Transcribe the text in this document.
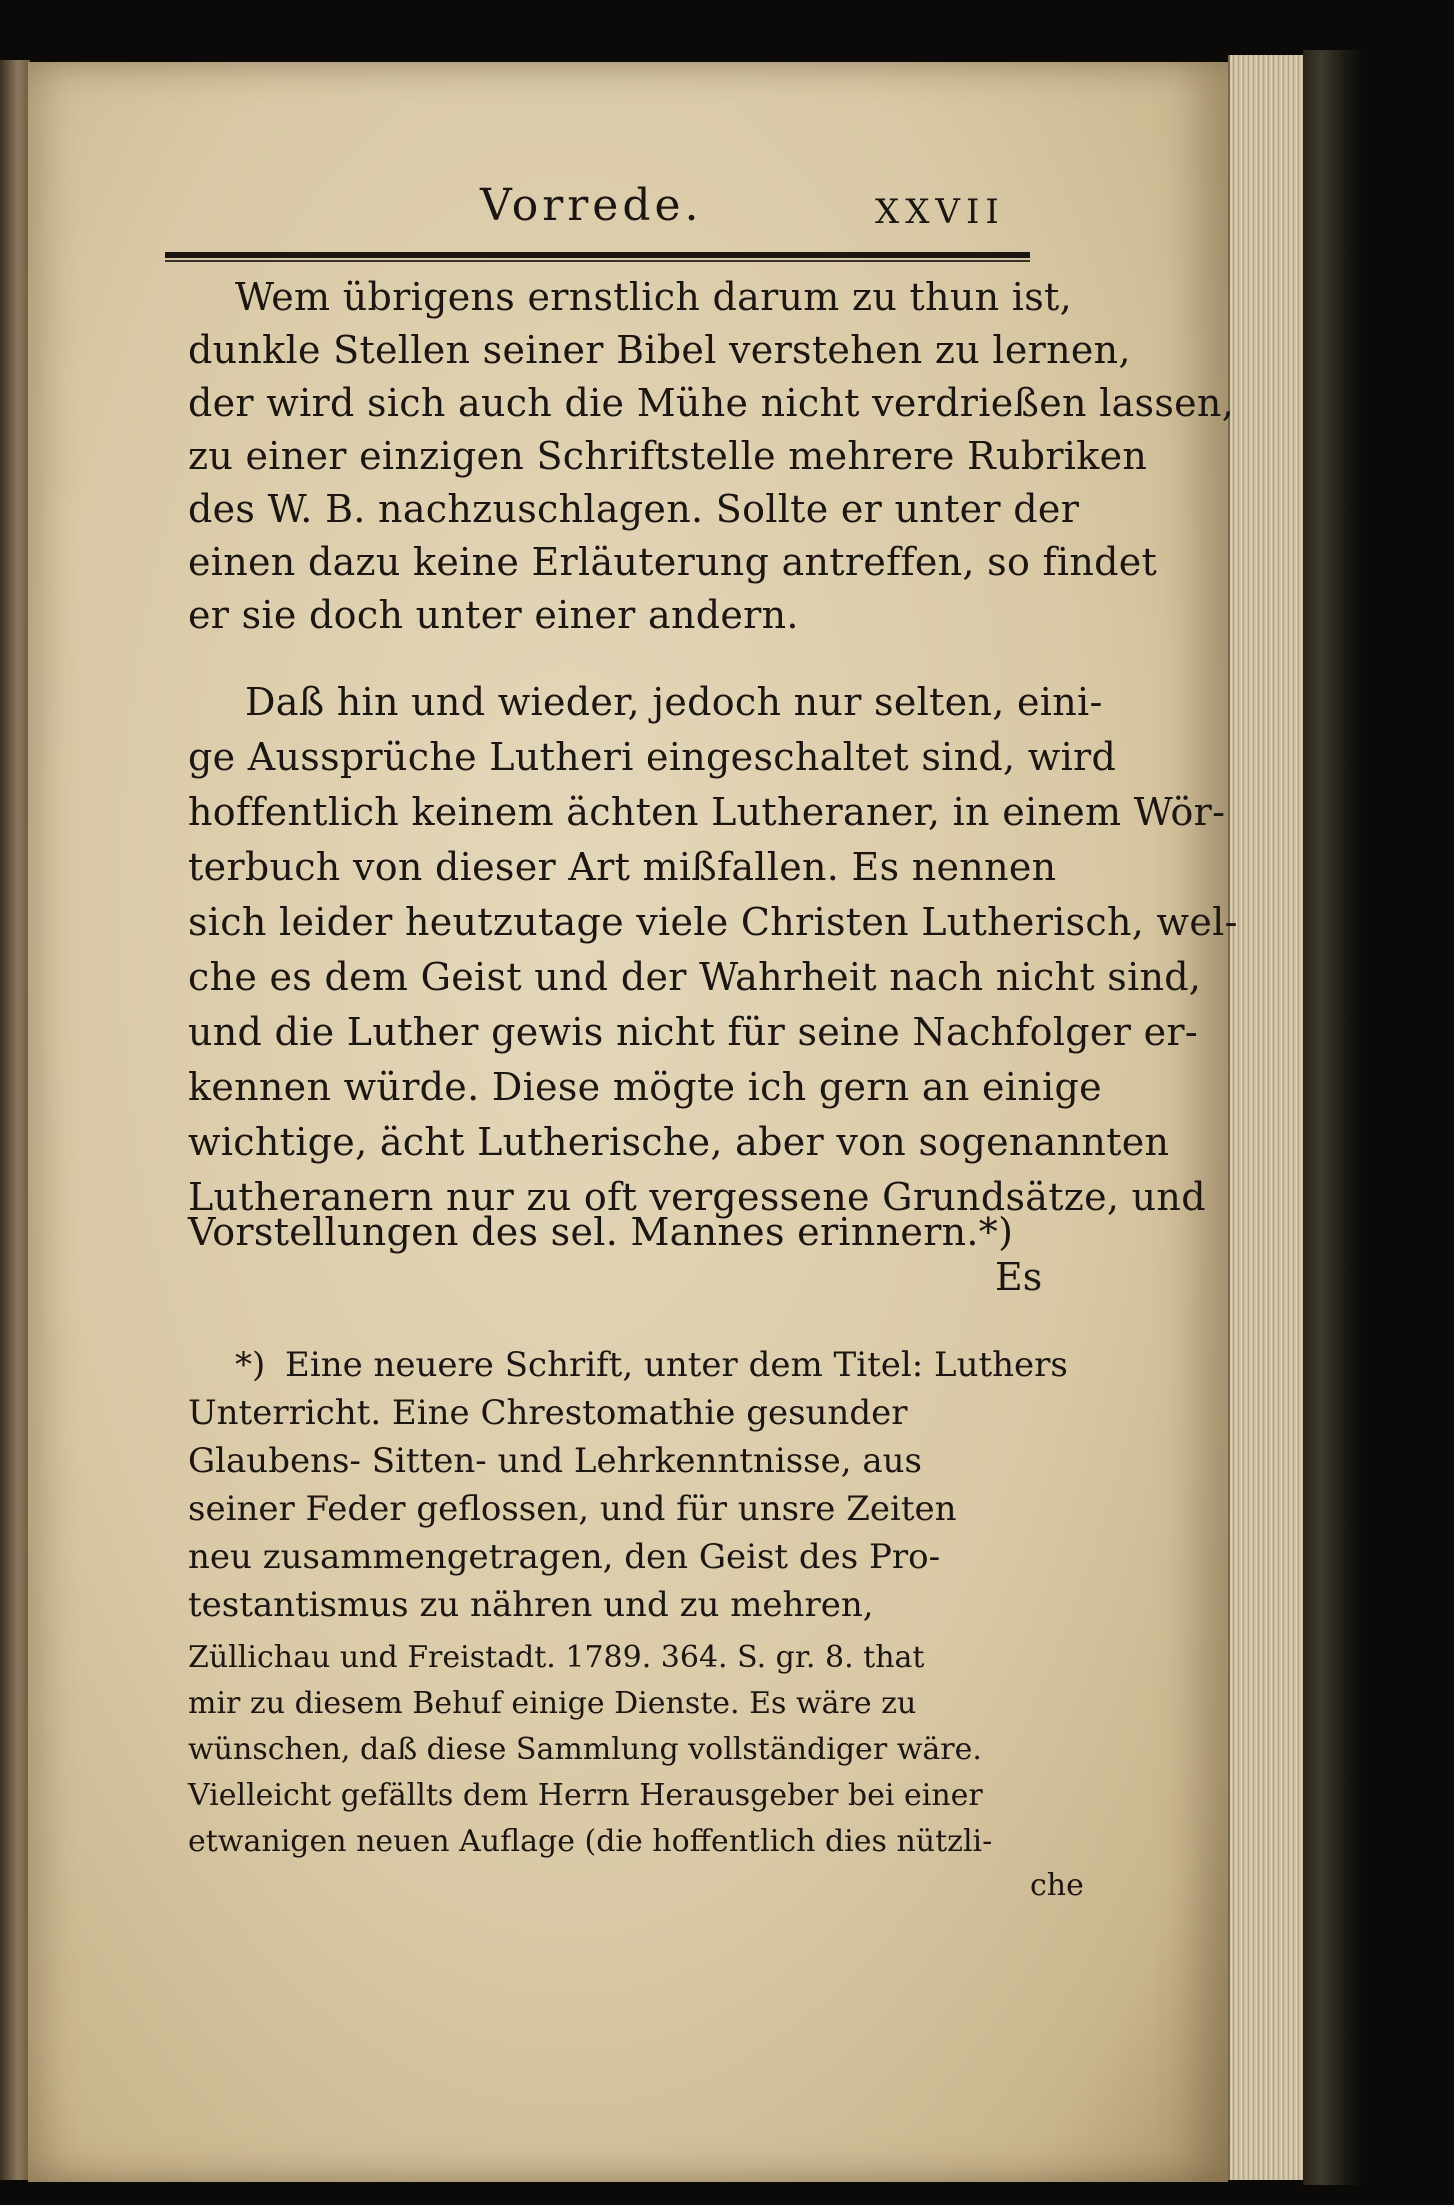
Vorrede.	XXVII
Wem übrigens ernstlich darum zu thun ist,
dunkle Stellen seiner Bibel verstehen zu lernen,
der wird sich auch die Mühe nicht verdrießen lassen,
zu einer einzigen Schriftstelle mehrere Rubriken
des W. B. nachzuschlagen. Sollte er unter der
einen dazu keine Erläuterung antreffen, so findet
er sie doch unter einer andern.
Daß hin und wieder, jedoch nur selten, eini-
ge Aussprüche Lutheri eingeschaltet sind, wird
hoffentlich keinem ächten Lutheraner, in einem Wör-
terbuch von dieser Art mißfallen. Es nennen
sich leider heutzutage viele Christen Lutherisch, wel-
che es dem Geist und der Wahrheit nach nicht sind,
und die Luther gewis nicht für seine Nachfolger er-
kennen würde. Diese mögte ich gern an einige
wichtige, ächt Lutherische, aber von sogenannten
Lutheranern nur zu oft vergessene Grundsätze, und
Vorstellungen des sel. Mannes erinnern.*)
Es
*) Eine neuere Schrift, unter dem Titel: Luthers
Unterricht. Eine Chrestomathie gesunder
Glaubens- Sitten- und Lehrkenntnisse, aus
seiner Feder geflossen, und für unsre Zeiten
neu zusammengetragen, den Geist des Pro-
testantismus zu nähren und zu mehren,
Züllichau und Freistadt. 1789. 364. S. gr. 8. that
mir zu diesem Behuf einige Dienste. Es wäre zu
wünschen, daß diese Sammlung vollständiger wäre.
Vielleicht gefällts dem Herrn Herausgeber bei einer
etwanigen neuen Auflage (die hoffentlich dies nützli-
che
